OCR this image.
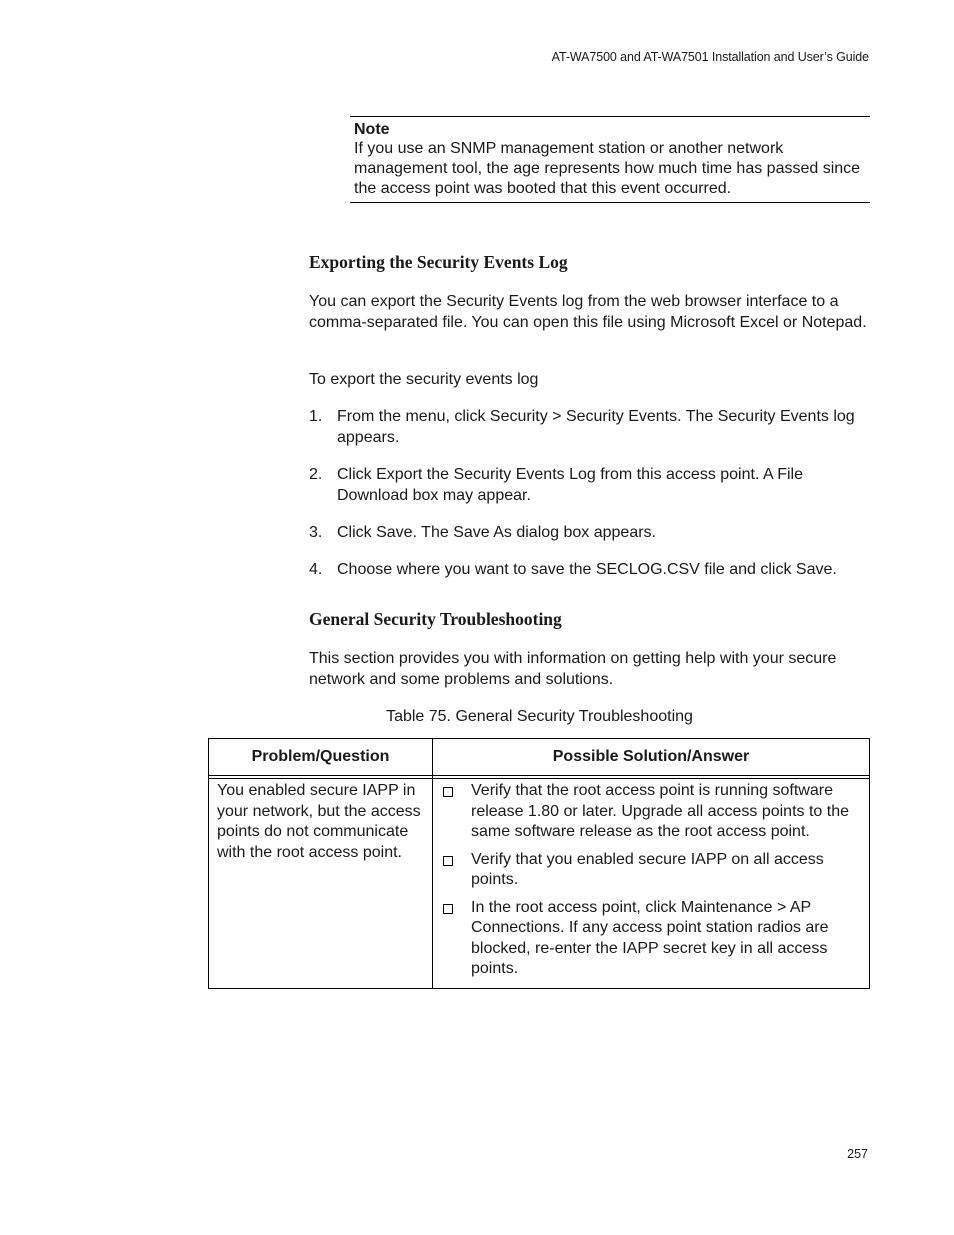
AT-WA7500 and AT-WA7501 Installation and User’s Guide
Note
If you use an SNMP management station or another network management tool, the age represents how much time has passed since the access point was booted that this event occurred.
Exporting the Security Events Log

You can export the Security Events log from the web browser interface to a comma-separated file. You can open this file using Microsoft Excel or Notepad.

To export the security events log
1. From the menu, click Security > Security Events. The Security Events log appears.
2. Click Export the Security Events Log from this access point. A File Download box may appear.
3. Click Save. The Save As dialog box appears.
4. Choose where you want to save the SECLOG.CSV file and click Save.
General Security Troubleshooting

This section provides you with information on getting help with your secure network and some problems and solutions.

Table 75. General Security Troubleshooting
Problem/Question	Possible Solution/Answer

You enabled secure IAPP in your network, but the access points do not communicate with the root access point.	Verify that the root access point is running software release 1.80 or later. Upgrade all access points to the same software release as the root access point.
Verify that you enabled secure IAPP on all access points.
In the root access point, click Maintenance > AP Connections. If any access point station radios are blocked, re-enter the IAPP secret key in all access points.
257
